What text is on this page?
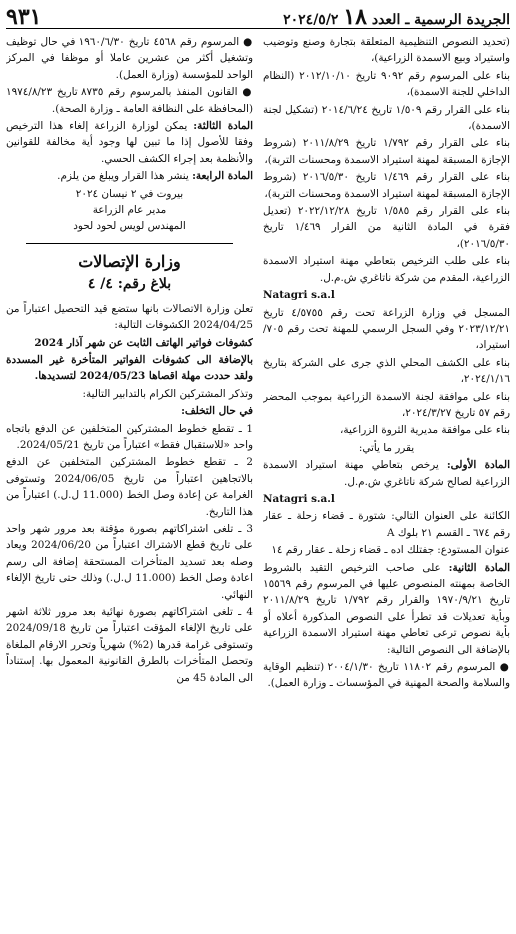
الجريدة الرسمية ـ العدد ١٨ ٢٠٢٤/٥/٢
٩٣١

(تحديد النصوص التنظيمية المتعلقة بتجارة وصنع وتوضيب واستيراد وبيع الاسمدة الزراعية)،

بناء على المرسوم رقم ٩٠٩٢ تاريخ ٢٠١٢/١٠/١٠ (النظام الداخلي للجنة الاسمدة)،

بناء على القرار رقم ١/٥٠٩ تاريخ ٢٠١٤/٦/٢٤ (تشكيل لجنة الاسمدة)،

بناء على القرار رقم ١/٧٩٢ تاريخ ٢٠١١/٨/٢٩ (شروط الإجازة المسبقة لمهنة استيراد الاسمدة ومحسنات التربة)،

بناء على القرار رقم ١/٤٦٩ تاريخ ٢٠١٦/٥/٣٠ (شروط الإجازة المسبقة لمهنة استيراد الاسمدة ومحسنات التربة)،

بناء على القرار رقم ١/٥٨٥ تاريخ ٢٠٢٢/١٢/٢٨ (تعديل فقرة في المادة الثانية من القرار ١/٤٦٩ تاريخ ٢٠١٦/٥/٣٠)،

بناء على طلب الترخيص بتعاطي مهنة استيراد الاسمدة الزراعية، المقدم من شركة ناتاغري ش.م.ل.

Natagri s.a.l

المسجل في وزارة الزراعة تحت رقم ٤/٥٧٥٥ تاريخ ٢٠٢٣/١٢/٢١ وفي السجل الرسمي للمهنة تحت رقم ٧٠٥/استيراد،

بناء على الكشف المحلي الذي جرى على الشركة بتاريخ ٢٠٢٤/١/١٦،

بناء على موافقة لجنة الاسمدة الزراعية بموجب المحضر رقم ٥٧ تاريخ ٢٠٢٤/٣/٢٧،

بناء على موافقة مديرية الثروة الزراعية،

يقرر ما يأتي:

المادة الأولى: يرخص بتعاطي مهنة استيراد الاسمدة الزراعية لصالح شركة ناتاغري ش.م.ل.

Natagri s.a.l

الكائنة على العنوان التالي: شتورة ـ قضاء زحلة ـ عقار رقم ٦٧٤ ـ القسم ٢١ بلوك A

عنوان المستودع: جفتلك اده ـ قضاء زحلة ـ عقار رقم ١٤

المادة الثانية: على صاحب الترخيص التقيد بالشروط الخاصة بمهنته المنصوص عليها في المرسوم رقم ١٥٥٦٩ تاريخ ١٩٧٠/٩/٢١ والقرار رقم ١/٧٩٢ تاريخ ٢٠١١/٨/٢٩ وبأية تعديلات قد تطرأ على النصوص المذكورة أعلاه أو بأية نصوص ترعى تعاطي مهنة استيراد الاسمدة الزراعية بالإضافة الى النصوص التالية:

● المرسوم رقم ١١٨٠٢ تاريخ ٢٠٠٤/١/٣٠ (تنظيم الوقاية والسلامة والصحة المهنية في المؤسسات ـ وزارة العمل).

● المرسوم رقم ٤٥٦٨ تاريخ ١٩٦٠/٦/٣٠ في حال توظيف وتشغيل أكثر من عشرين عاملا أو موظفا في المركز الواحد للمؤسسة (وزارة العمل).

● القانون المنفذ بالمرسوم رقم ٨٧٣٥ تاريخ ١٩٧٤/٨/٢٣ (المحافظة على النظافة العامة ـ وزارة الصحة).

المادة الثالثة: يمكن لوزارة الزراعة إلغاء هذا الترخيص وفقا للأصول إذا ما تبين لها وجود أية مخالفة للقوانين والأنظمة بعد إجراء الكشف الحسي.

المادة الرابعة: ينشر هذا القرار ويبلغ من يلزم.

بيروت في ٢ نيسان ٢٠٢٤

مدير عام الزراعة

المهندس لويس لحود لحود

وزارة الإتصالات
بلاغ رقم: ٤/ ٤

تعلن وزارة الاتصالات بانها ستضع قيد التحصيل اعتباراً من 2024/04/25 الكشوفات التالية:

كشوفات فواتير الهاتف الثابت عن شهر آذار 2024

بالإضافة الى كشوفات الفواتير المتأخرة غير المسددة ولقد حددت مهلة اقصاها 2024/05/23 لتسديدها.

وتذكر المشتركين الكرام بالتدابير التالية:

في حال التخلف:

1 ـ تقطع خطوط المشتركين المتخلفين عن الدفع باتجاه واحد «للاستقبال فقط» اعتباراً من تاريخ 2024/05/21.

2 ـ تقطع خطوط المشتركين المتخلفين عن الدفع بالاتجاهين اعتباراً من تاريخ 2024/06/05 وتستوفى الغرامة عن إعادة وصل الخط (11.000 ل.ل.) اعتباراً من هذا التاريخ.

3 ـ تلغى اشتراكاتهم بصورة مؤقتة بعد مرور شهر واحد على تاريخ قطع الاشتراك اعتباراً من 2024/06/20 ويعاد وصله بعد تسديد المتأخرات المستحقة إضافة الى رسم اعادة وصل الخط (11.000 ل.ل.) وذلك حتى تاريخ الإلغاء النهائي.

4 ـ تلغى اشتراكاتهم بصورة نهائية بعد مرور ثلاثة اشهر على تاريخ الإلغاء المؤقت اعتباراً من تاريخ 2024/09/18 وتستوفى غرامة قدرها (2%) شهرياً وتحرر الارقام الملغاة وتحصل المتأخرات بالطرق القانونية المعمول بها. إستناداً الى المادة 45 من
